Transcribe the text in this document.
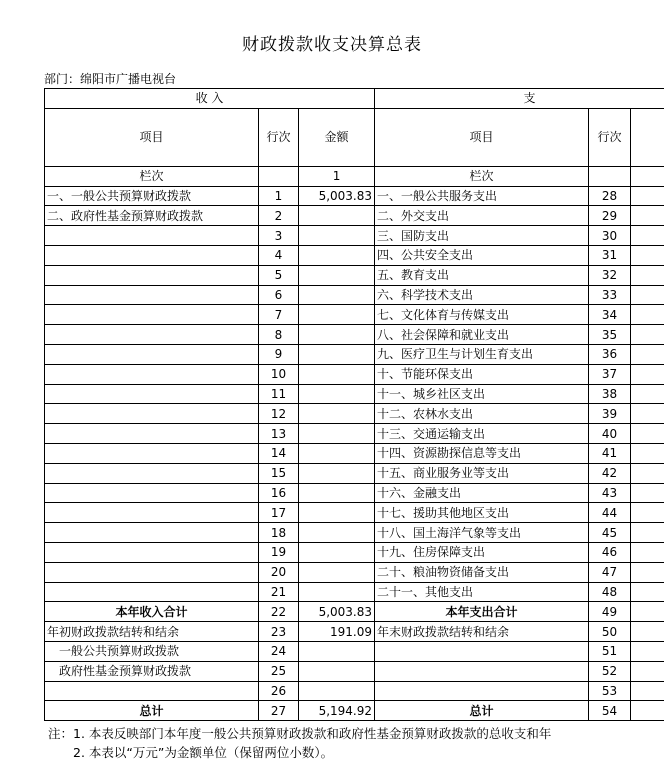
财政拨款收支决算总表
部门：绵阳市广播电视台
收 入			支		
项目	行次	金额	项目	行次	
栏次		1	栏次		
一、一般公共预算财政拨款	1	5,003.83	一、一般公共服务支出	28	
二、政府性基金预算财政拨款	2		二、外交支出	29	
	3		三、国防支出	30	
	4		四、公共安全支出	31	
	5		五、教育支出	32	
	6		六、科学技术支出	33	
	7		七、文化体育与传媒支出	34	
	8		八、社会保障和就业支出	35	
	9		九、医疗卫生与计划生育支出	36	
	10		十、节能环保支出	37	
	11		十一、城乡社区支出	38	
	12		十二、农林水支出	39	
	13		十三、交通运输支出	40	
	14		十四、资源勘探信息等支出	41	
	15		十五、商业服务业等支出	42	
	16		十六、金融支出	43	
	17		十七、援助其他地区支出	44	
	18		十八、国土海洋气象等支出	45	
	19		十九、住房保障支出	46	
	20		二十、粮油物资储备支出	47	
	21		二十一、其他支出	48	
本年收入合计	22	5,003.83	本年支出合计	49	
年初财政拨款结转和结余	23	191.09	年末财政拨款结转和结余	50	
一般公共预算财政拨款	24			51	
政府性基金预算财政拨款	25			52	
	26			53	
总计	27	5,194.92	总计	54	
注：1. 本表反映部门本年度一般公共预算财政拨款和政府性基金预算财政拨款的总收支和年
2. 本表以“万元”为金额单位（保留两位小数）。
